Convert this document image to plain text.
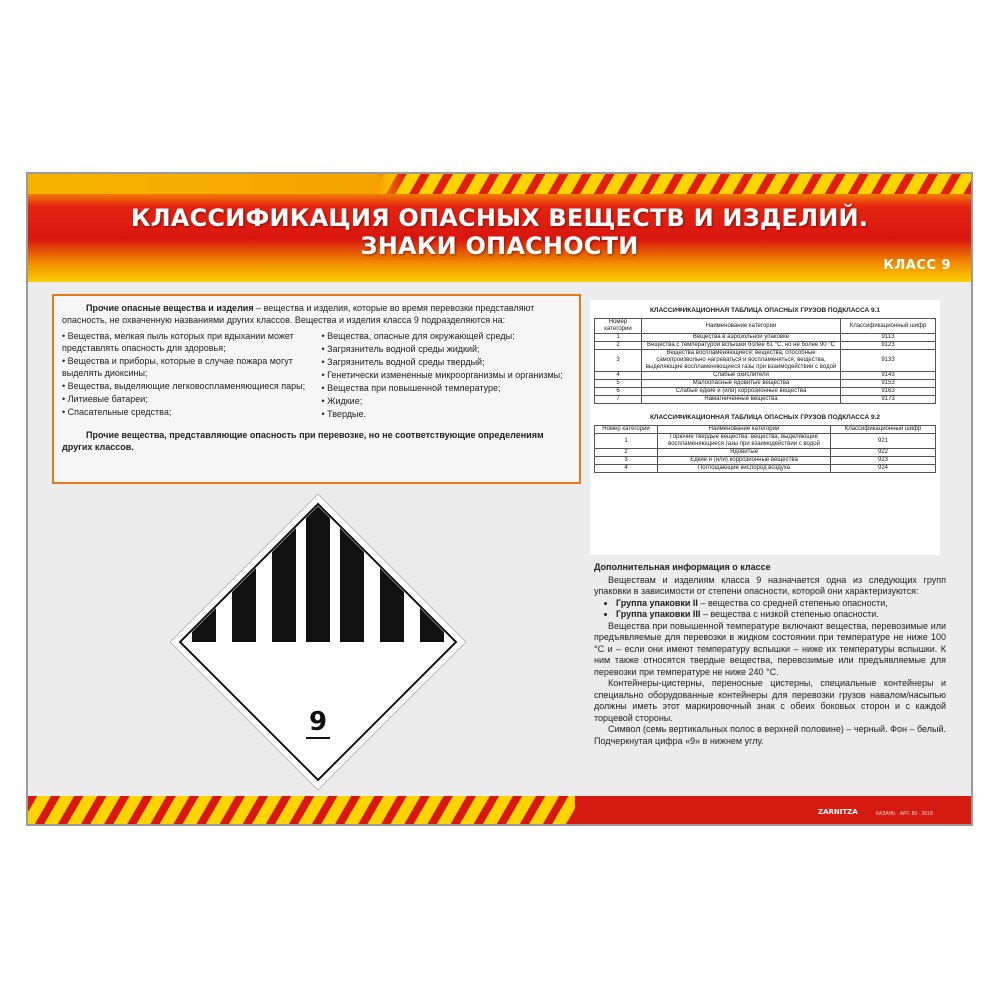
КЛАССИФИКАЦИЯ ОПАСНЫХ ВЕЩЕСТВ И ИЗДЕЛИЙ.
ЗНАКИ ОПАСНОСТИ
КЛАСС 9

Прочие опасные вещества и изделия – вещества и изделия, которые во время перевозки представляют опасность, не охваченную названиями других классов. Вещества и изделия класса 9 подразделяются на:

• Вещества, мелкая пыль которых при вдыхании может представлять опасность для здоровья;
• Вещества и приборы, которые в случае пожара могут выделять диоксины;
• Вещества, выделяющие легковоспламеняющиеся пары;
• Литиевые батареи;
• Спасательные средства;
• Вещества, опасные для окружающей среды:
• Загрязнитель водной среды жидкий;
• Загрязнитель водной среды твердый;
• Генетически измененные микроорганизмы и организмы;
• Вещества при повышенной температуре;
• Жидкие;
• Твердые.

Прочие вещества, представляющие опасность при перевозке, но не соответствующие определениям других классов.

9
КЛАССИФИКАЦИОННАЯ ТАБЛИЦА ОПАСНЫХ ГРУЗОВ ПОДКЛАССА 9.1
Номер категории	Наименование категории	Классификационный шифр
1	Вещества в аэрозольной упаковке	9113
2	Вещества с температурой вспышки более 61 °С, но не более 90 °С	9123
3	Вещества воспламеняющиеся: вещества, способные самопроизвольно нагреваться и воспламеняться; вещества, выделяющие воспламеняющиеся газы при взаимодействии с водой	9133
4	Слабые окислители	9143
5	Малоопасные ядовитые вещества	9153
6	Слабые едкие и (или) коррозионные вещества	9163
7	Намагниченные вещества	9173
КЛАССИФИКАЦИОННАЯ ТАБЛИЦА ОПАСНЫХ ГРУЗОВ ПОДКЛАССА 9.2
Номер категории	Наименование категории	Классификационный шифр
1	Горючие твердые вещества: вещества, выделяющие воспламеняющиеся газы при взаимодействии с водой	921
2	Ядовитые	922
3	Едкие и (или) коррозионные вещества	923
4	Поглощающие кислород воздуха	924

Дополнительная информация о классе

Веществам и изделиям класса 9 назначается одна из следующих групп упаковки в зависимости от степени опасности, которой они характеризуются:

• Группа упаковки II – вещества со средней степенью опасности,
• Группа упаковки III – вещества с низкой степенью опасности.

Вещества при повышенной температуре включают вещества, перевозимые или предъявляемые для перевозки в жидком состоянии при температуре не ниже 100 °С и – если они имеют температуру вспышки – ниже их температуры вспышки. К ним также относятся твердые вещества, перевозимые или предъявляемые для перевозки при температуре не ниже 240 °С.

Контейнеры-цистерны, переносные цистерны, специальные контейнеры и специально оборудованные контейнеры для перевозки грузов навалом/насыпью должны иметь этот маркировочный знак с обеих боковых сторон и с каждой торцевой стороны.

Символ (семь вертикальных полос в верхней половине) – черный. Фон – белый. Подчеркнутая цифра «9» в нижнем углу.

ZARNITZA	КАЗАНЬ · АРТ. 89 · 2018
